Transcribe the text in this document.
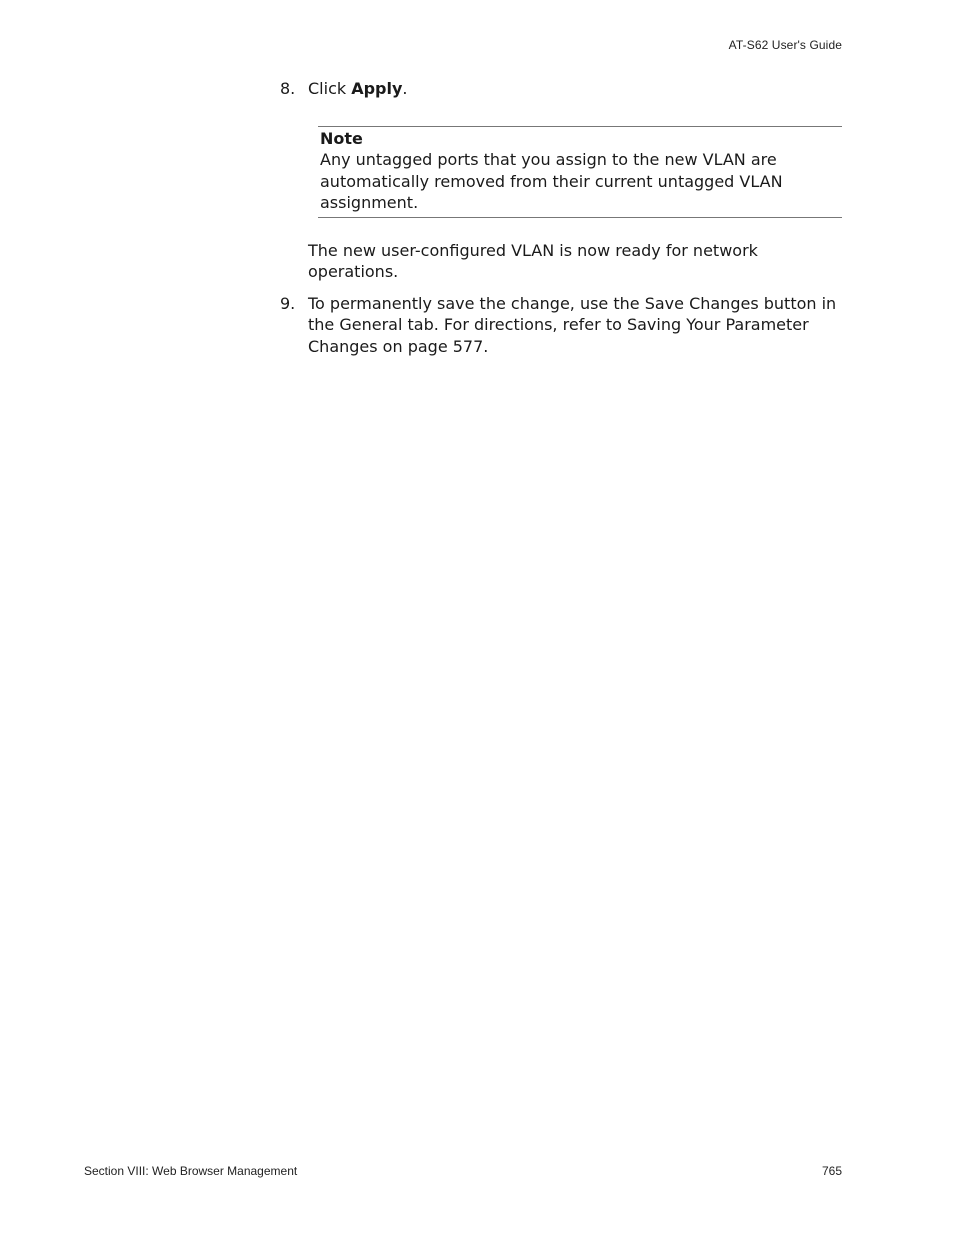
AT-S62 User's Guide

8. Click Apply.

Note
Any untagged ports that you assign to the new VLAN are automatically removed from their current untagged VLAN assignment.

The new user-configured VLAN is now ready for network operations.

9. To permanently save the change, use the Save Changes button in the General tab. For directions, refer to Saving Your Parameter Changes on page 577.

Section VIII: Web Browser Management	765
